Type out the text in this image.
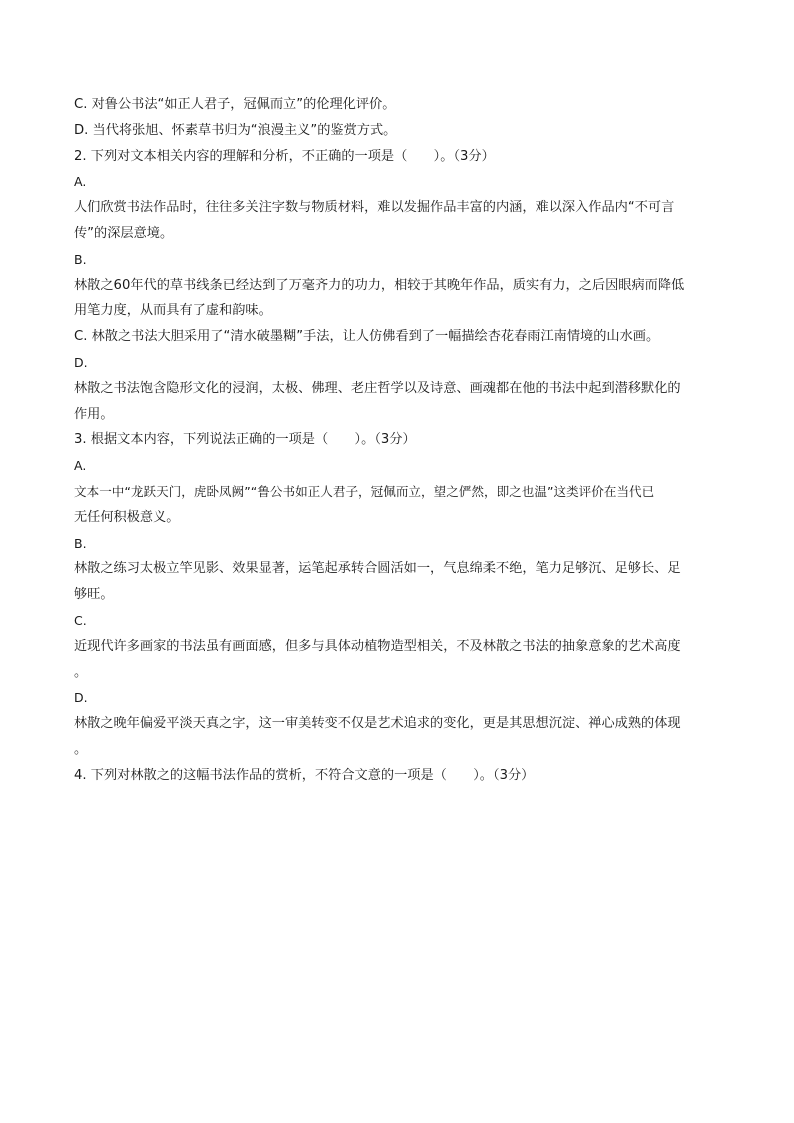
C. 对鲁公书法“如正人君子，冠佩而立”的伦理化评价。

D. 当代将张旭、怀素草书归为“浪漫主义”的鉴赏方式。

2. 下列对文本相关内容的理解和分析，不正确的一项是（　　）。（3分）

A.

人们欣赏书法作品时，往往多关注字数与物质材料，难以发掘作品丰富的内涵，难以深入作品内“不可言

传”的深层意境。

B.

林散之60年代的草书线条已经达到了万毫齐力的功力，相较于其晚年作品，质实有力，之后因眼病而降低

用笔力度，从而具有了虚和韵味。

C. 林散之书法大胆采用了“清水破墨糊”手法，让人仿佛看到了一幅描绘杏花春雨江南情境的山水画。

D.

林散之书法饱含隐形文化的浸润，太极、佛理、老庄哲学以及诗意、画魂都在他的书法中起到潜移默化的

作用。

3. 根据文本内容，下列说法正确的一项是（　　）。（3分）

A.

文本一中“龙跃天门，虎卧凤阙”“鲁公书如正人君子，冠佩而立，望之俨然，即之也温”这类评价在当代已

无任何积极意义。

B.

林散之练习太极立竿见影、效果显著，运笔起承转合圆活如一，气息绵柔不绝，笔力足够沉、足够长、足

够旺。

C.

近现代许多画家的书法虽有画面感，但多与具体动植物造型相关，不及林散之书法的抽象意象的艺术高度

。

D.

林散之晚年偏爱平淡天真之字，这一审美转变不仅是艺术追求的变化，更是其思想沉淀、禅心成熟的体现

。

4. 下列对林散之的这幅书法作品的赏析，不符合文意的一项是（　　）。（3分）
